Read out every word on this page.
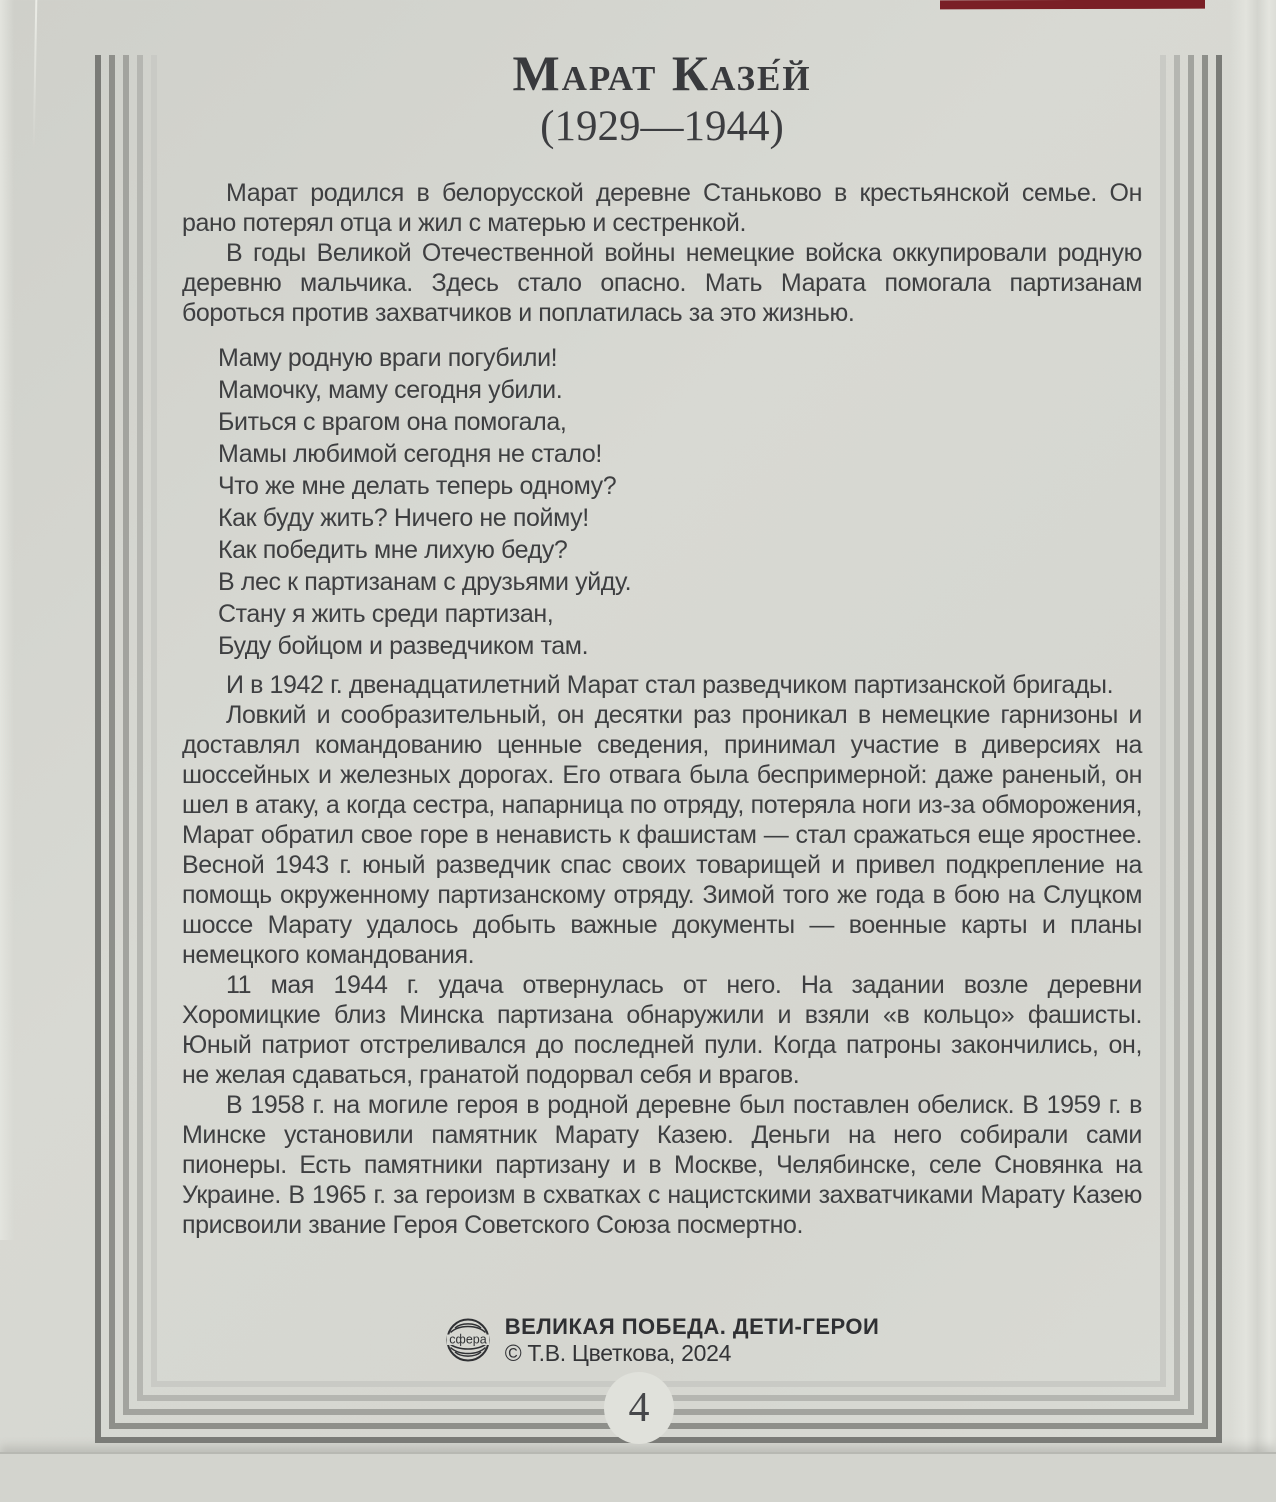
Марат Казе́й
(1929—1944)

Марат родился в белорусской деревне Станьково в крестьянской семье. Он рано потерял отца и жил с матерью и сестренкой.

В годы Великой Отечественной войны немецкие войска оккупировали родную деревню мальчика. Здесь стало опасно. Мать Марата помогала партизанам бороться против захватчиков и поплатилась за это жизнью.

Маму родную враги погубили!
Мамочку, маму сегодня убили.
Биться с врагом она помогала,
Мамы любимой сегодня не стало!
Что же мне делать теперь одному?
Как буду жить? Ничего не пойму!
Как победить мне лихую беду?
В лес к партизанам с друзьями уйду.
Стану я жить среди партизан,
Буду бойцом и разведчиком там.

И в 1942 г. двенадцатилетний Марат стал разведчиком партизанской бригады.

Ловкий и сообразительный, он десятки раз проникал в немецкие гарнизоны и доставлял командованию ценные сведения, принимал участие в диверсиях на шоссейных и железных дорогах. Его отвага была беспримерной: даже раненый, он шел в атаку, а когда сестра, напарница по отряду, потеряла ноги из-за обморожения, Марат обратил свое горе в ненависть к фашистам — стал сражаться еще яростнее. Весной 1943 г. юный разведчик спас своих товарищей и привел подкрепление на помощь окруженному партизанскому отряду. Зимой того же года в бою на Слуцком шоссе Марату удалось добыть важные документы — военные карты и планы немецкого командования.

11 мая 1944 г. удача отвернулась от него. На задании возле деревни Хоромицкие близ Минска партизана обнаружили и взяли «в кольцо» фашисты. Юный патриот отстреливался до последней пули. Когда патроны закончились, он, не желая сдаваться, гранатой подорвал себя и врагов.

В 1958 г. на могиле героя в родной деревне был поставлен обелиск. В 1959 г. в Минске установили памятник Марату Казею. Деньги на него собирали сами пионеры. Есть памятники партизану и в Москве, Челябинске, селе Сновянка на Украине. В 1965 г. за героизм в схватках с нацистскими захватчиками Марату Казею присвоили звание Героя Советского Союза посмертно.

сфера
ВЕЛИКАЯ ПОБЕДА. ДЕТИ-ГЕРОИ
© Т.В. Цветкова, 2024
4
